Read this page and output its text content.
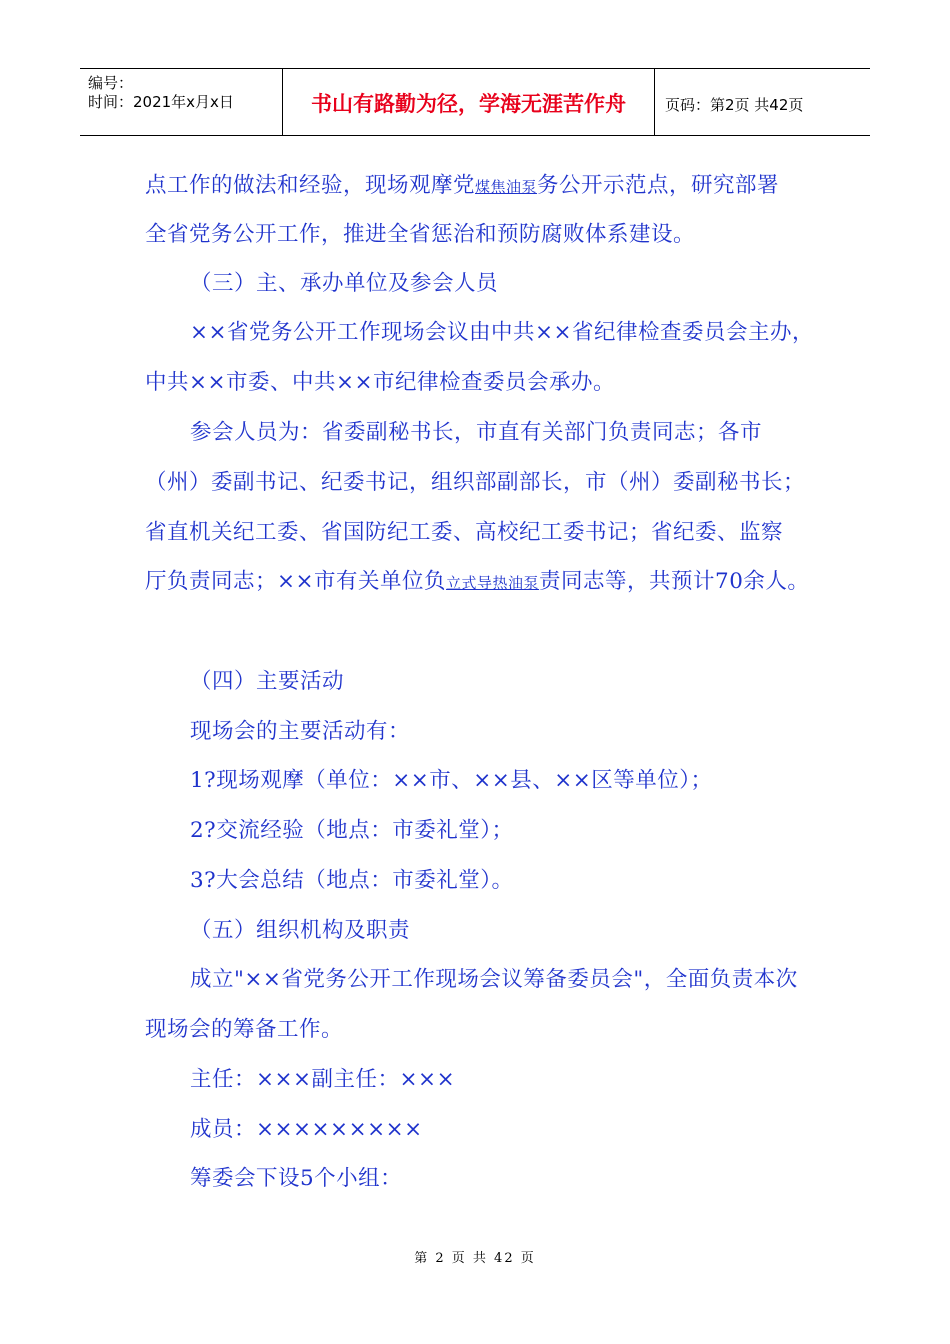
编号：
时间：2021年x月x日	书山有路勤为径，学海无涯苦作舟	页码：第2页 共42页
点工作的做法和经验，现场观摩党煤焦油泵务公开示范点，研究部署
全省党务公开工作，推进全省惩治和预防腐败体系建设。
（三）主、承办单位及参会人员
××省党务公开工作现场会议由中共××省纪律检查委员会主办，
中共××市委、中共××市纪律检查委员会承办。
参会人员为：省委副秘书长，市直有关部门负责同志；各市
（州）委副书记、纪委书记，组织部副部长，市（州）委副秘书长；
省直机关纪工委、省国防纪工委、高校纪工委书记；省纪委、监察
厅负责同志；××市有关单位负立式导热油泵责同志等，共预计70余人。
（四）主要活动
现场会的主要活动有：
1?现场观摩（单位：××市、××县、××区等单位）；
2?交流经验（地点：市委礼堂）；
3?大会总结（地点：市委礼堂）。
（五）组织机构及职责
成立"××省党务公开工作现场会议筹备委员会"，全面负责本次
现场会的筹备工作。
主任：×××副主任：×××
成员：×××××××××
筹委会下设5个小组：
第 2 页 共 42 页
